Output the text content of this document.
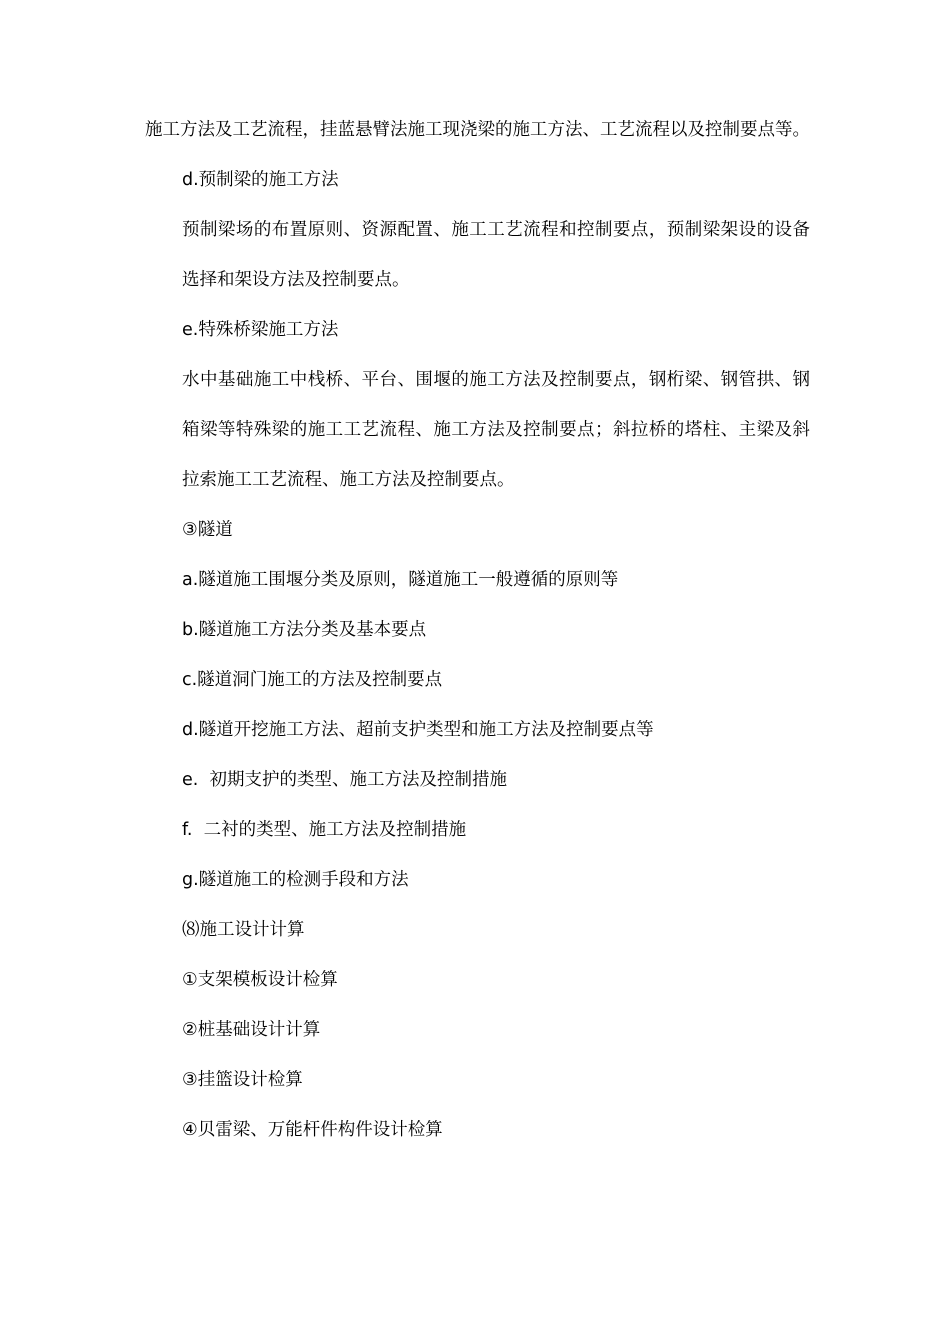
施工方法及工艺流程，挂蓝悬臂法施工现浇梁的施工方法、工艺流程以及控制要点等。

d.预制梁的施工方法

预制梁场的布置原则、资源配置、施工工艺流程和控制要点，预制梁架设的设备选择和架设方法及控制要点。

e.特殊桥梁施工方法

水中基础施工中栈桥、平台、围堰的施工方法及控制要点，钢桁梁、钢管拱、钢箱梁等特殊梁的施工工艺流程、施工方法及控制要点；斜拉桥的塔柱、主梁及斜拉索施工工艺流程、施工方法及控制要点。

③隧道

a.隧道施工围堰分类及原则，隧道施工一般遵循的原则等

b.隧道施工方法分类及基本要点

c.隧道洞门施工的方法及控制要点

d.隧道开挖施工方法、超前支护类型和施工方法及控制要点等

e.  初期支护的类型、施工方法及控制措施

f.  二衬的类型、施工方法及控制措施

g.隧道施工的检测手段和方法

⑻施工设计计算

①支架模板设计检算

②桩基础设计计算

③挂篮设计检算

④贝雷梁、万能杆件构件设计检算
